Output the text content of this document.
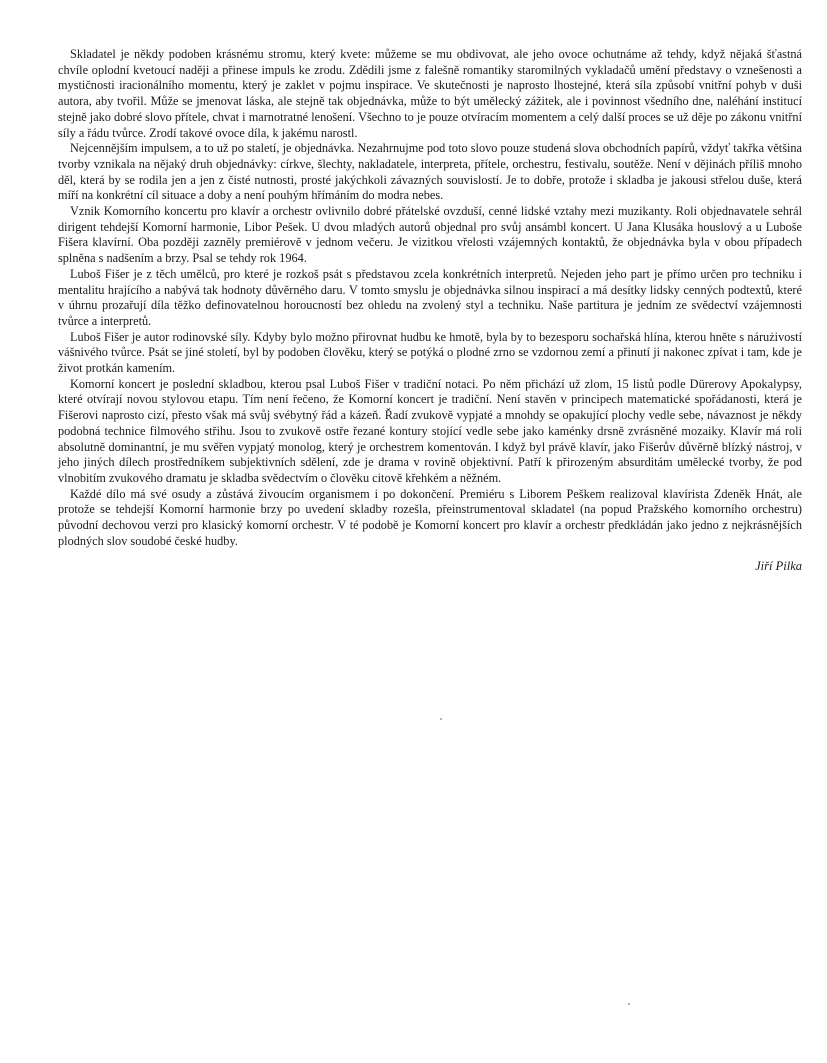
Skladatel je někdy podoben krásnému stromu, který kvete: můžeme se mu obdivovat, ale jeho ovoce ochutnáme až tehdy, když nějaká šťastná chvíle oplodní kvetoucí naději a přinese impuls ke zrodu. Zdědili jsme z falešně romantiky staromilných vykladačů umění představy o vznešenosti a mystičnosti iracionálního momentu, který je zaklet v pojmu inspirace. Ve skutečnosti je naprosto lhostejné, která síla způsobí vnitřní pohyb v duši autora, aby tvořil. Může se jmenovat láska, ale stejně tak objednávka, může to být umělecký zážitek, ale i povinnost všedního dne, naléhání institucí stejně jako dobré slovo přítele, chvat i marnotratné lenošení. Všechno to je pouze otvíracím momentem a celý další proces se už děje po zákonu vnitřní síly a řádu tvůrce. Zrodí takové ovoce díla, k jakému narostl.

Nejcennějším impulsem, a to už po staletí, je objednávka. Nezahrnujme pod toto slovo pouze studená slova obchodních papírů, vždyť takřka většina tvorby vznikala na nějaký druh objednávky: církve, šlechty, nakladatele, interpreta, přítele, orchestru, festivalu, soutěže. Není v dějinách příliš mnoho děl, která by se rodila jen a jen z čisté nutnosti, prosté jakýchkoli závazných souvislostí. Je to dobře, protože i skladba je jakousi střelou duše, která míří na konkrétní cíl situace a doby a není pouhým hřímáním do modra nebes.

Vznik Komorního koncertu pro klavír a orchestr ovlivnilo dobré přátelské ovzduší, cenné lidské vztahy mezi muzikanty. Roli objednavatele sehrál dirigent tehdejší Komorní harmonie, Libor Pešek. U dvou mladých autorů objednal pro svůj ansámbl koncert. U Jana Klusáka houslový a u Luboše Fišera klavírní. Oba později zazněly premiérově v jednom večeru. Je vizitkou vřelosti vzájemných kontaktů, že objednávka byla v obou případech splněna s nadšením a brzy. Psal se tehdy rok 1964.

Luboš Fišer je z těch umělců, pro které je rozkoš psát s představou zcela konkrétních interpretů. Nejeden jeho part je přímo určen pro techniku i mentalitu hrajícího a nabývá tak hodnoty důvěrného daru. V tomto smyslu je objednávka silnou inspirací a má desítky lidsky cenných podtextů, které v úhrnu prozařují díla těžko definovatelnou horoucností bez ohledu na zvolený styl a techniku. Naše partitura je jedním ze svědectví vzájemnosti tvůrce a interpretů.

Luboš Fišer je autor rodinovské síly. Kdyby bylo možno přirovnat hudbu ke hmotě, byla by to bezesporu sochařská hlína, kterou hněte s nárużivostí vášnivého tvůrce. Psát se jiné století, byl by podoben člověku, který se potýká o plodné zrno se vzdornou zemí a přinutí ji nakonec zpívat i tam, kde je život protkán kamením.

Komorní koncert je poslední skladbou, kterou psal Luboš Fišer v tradiční notaci. Po něm přichází už zlom, 15 listů podle Dürerovy Apokalypsy, které otvírají novou stylovou etapu. Tím není řečeno, že Komorní koncert je tradiční. Není stavěn v principech matematické spořádanosti, která je Fišerovi naprosto cizí, přesto však má svůj svébytný řád a kázeň. Řadí zvukově vypjaté a mnohdy se opakující plochy vedle sebe, návaznost je někdy podobná technice filmového střihu. Jsou to zvukově ostře řezané kontury stojící vedle sebe jako kaménky drsně zvrásněné mozaiky. Klavír má roli absolutně dominantní, je mu svěřen vypjatý monolog, který je orchestrem komentován. I když byl právě klavír, jako Fišerův důvěrně blízký nástroj, v jeho jiných dílech prostředníkem subjektivních sdělení, zde je drama v rovině objektivní. Patří k přirozeným absurditám umělecké tvorby, že pod vlnobitím zvukového dramatu je skladba svědectvím o člověku citově křehkém a něžném.

Každé dílo má své osudy a zůstává živoucím organismem i po dokončení. Premiéru s Liborem Peškem realizoval klavírista Zdeněk Hnát, ale protože se tehdejší Komorní harmonie brzy po uvedení skladby rozešla, přeinstrumentoval skladatel (na popud Pražského komorního orchestru) původní dechovou verzi pro klasický komorní orchestr. V té podobě je Komorní koncert pro klavír a orchestr předkládán jako jedno z nejkrásnějších plodných slov soudobé české hudby.

Jiří Pilka
